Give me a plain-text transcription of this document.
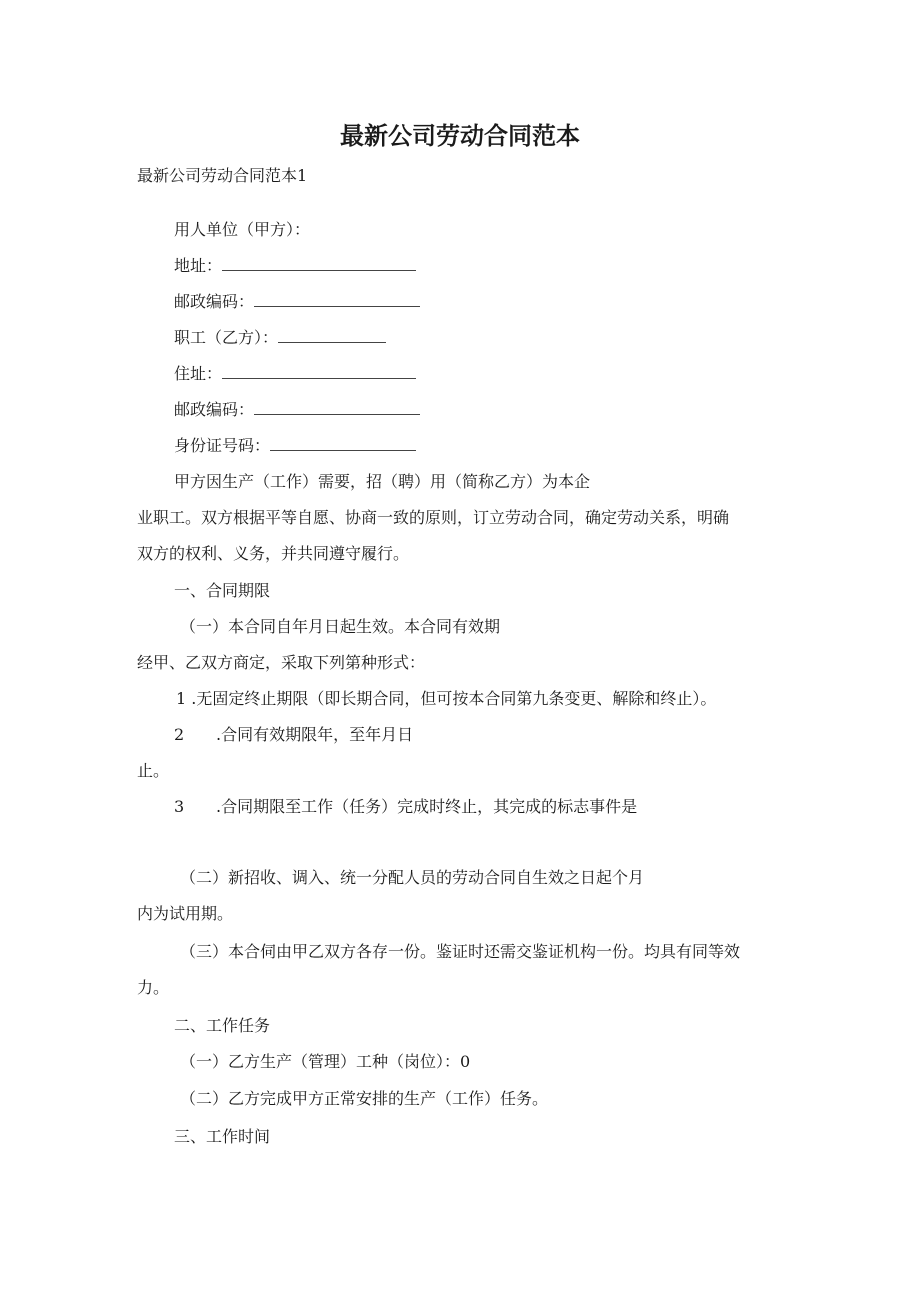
最新公司劳动合同范本
最新公司劳动合同范本1
用人单位（甲方）：
地址：
邮政编码：
职工（乙方）：
住址：
邮政编码：
身份证号码：
甲方因生产（工作）需要，招（聘）用（简称乙方）为本企
业职工。双方根据平等自愿、协商一致的原则，订立劳动合同，确定劳动关系，明确
双方的权利、义务，并共同遵守履行。
一、合同期限
（一）本合同自年月日起生效。本合同有效期
经甲、乙双方商定，采取下列第种形式：
1 .无固定终止期限（即长期合同，但可按本合同第九条变更、解除和终止）。
2 .合同有效期限年，至年月日
止。
3 .合同期限至工作（任务）完成时终止，其完成的标志事件是
（二）新招收、调入、统一分配人员的劳动合同自生效之日起个月
内为试用期。
（三）本合伺由甲乙双方各存一份。鉴证时还需交鉴证机构一份。均具有同等效
力。
二、工作任务
（一）乙方生产（管理）工种（岗位）：0
（二）乙方完成甲方正常安排的生产（工作）任务。
三、工作时间
